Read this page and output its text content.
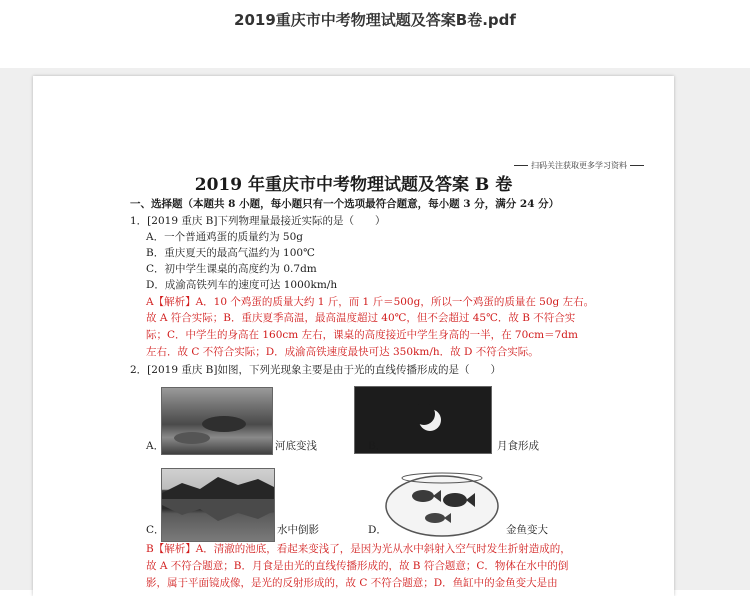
2019重庆市中考物理试题及答案B卷.pdf
扫码关注获取更多学习资料
2019 年重庆市中考物理试题及答案 B 卷
一、选择题（本题共 8 小题，每小题只有一个选项最符合题意，每小题 3 分，满分 24 分）
1．[2019 重庆 B]下列物理量最接近实际的是（　　）
A．一个普通鸡蛋的质量约为 50g
B．重庆夏天的最高气温约为 100℃
C．初中学生课桌的高度约为 0.7dm
D．成渝高铁列车的速度可达 1000km/h
A【解析】A．10 个鸡蛋的质量大约 1 斤，而 1 斤＝500g，所以一个鸡蛋的质量在 50g 左右。
故 A 符合实际；B．重庆夏季高温，最高温度超过 40℃，但不会超过 45℃．故 B 不符合实
际；C．中学生的身高在 160cm 左右，课桌的高度接近中学生身高的一半，在 70cm＝7dm
左右．故 C 不符合实际；D．成渝高铁速度最快可达 350km/h．故 D 不符合实际。
2．[2019 重庆 B]如图，下列光现象主要是由于光的直线传播形成的是（　　）
A．	河底变浅	B．	月食形成
C．	水中倒影	D．	金鱼变大
B【解析】A．清澈的池底，看起来变浅了，是因为光从水中斜射入空气时发生折射造成的，
故 A 不符合题意；B．月食是由光的直线传播形成的，故 B 符合题意；C．物体在水中的倒
影，属于平面镜成像，是光的反射形成的，故 C 不符合题意；D．鱼缸中的金鱼变大是由
